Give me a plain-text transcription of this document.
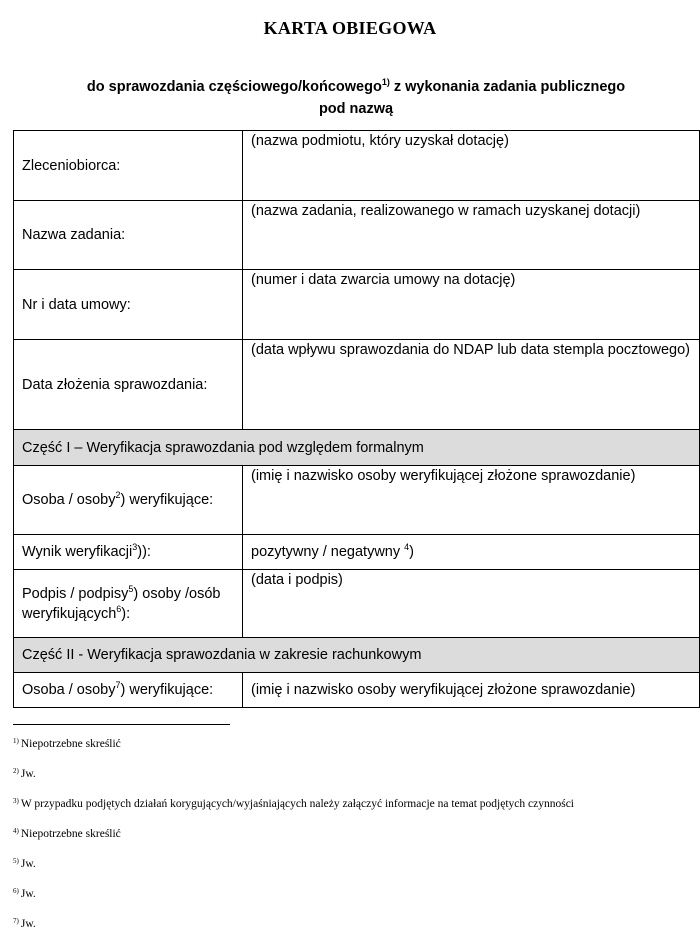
KARTA OBIEGOWA
do sprawozdania częściowego/końcowego$^{1)}$ z wykonania zadania publicznego
pod nazwą
Zleceniobiorca:	(nazwa podmiotu, który uzyskał dotację)
Nazwa zadania:	(nazwa zadania, realizowanego w ramach uzyskanej dotacji)
Nr i data umowy:	(numer i data zwarcia umowy na dotację)
Data złożenia sprawozdania:	(data wpływu sprawozdania do NDAP lub data stempla pocztowego)
Część I – Weryfikacja sprawozdania pod względem formalnym	
Osoba / osoby$^2$) weryfikujące:	(imię i nazwisko osoby weryfikującej złożone sprawozdanie)
Wynik weryfikacji$^3$)):	pozytywny / negatywny $^4$)
Podpis / podpisy$^5$) osoby /osób weryfikujących$^6$):	(data i podpis)
Część II - Weryfikacja sprawozdania w zakresie rachunkowym	
Osoba / osoby$^7$) weryfikujące:	(imię i nazwisko osoby weryfikującej złożone sprawozdanie)
$^{1)}$ Niepotrzebne skreślić
$^{2)}$ Jw.
$^{3)}$ W przypadku podjętych działań korygujących/wyjaśniających należy załączyć informacje na temat podjętych czynności
$^{4)}$ Niepotrzebne skreślić
$^{5)}$ Jw.
$^{6)}$ Jw.
$^{7)}$ Jw.
